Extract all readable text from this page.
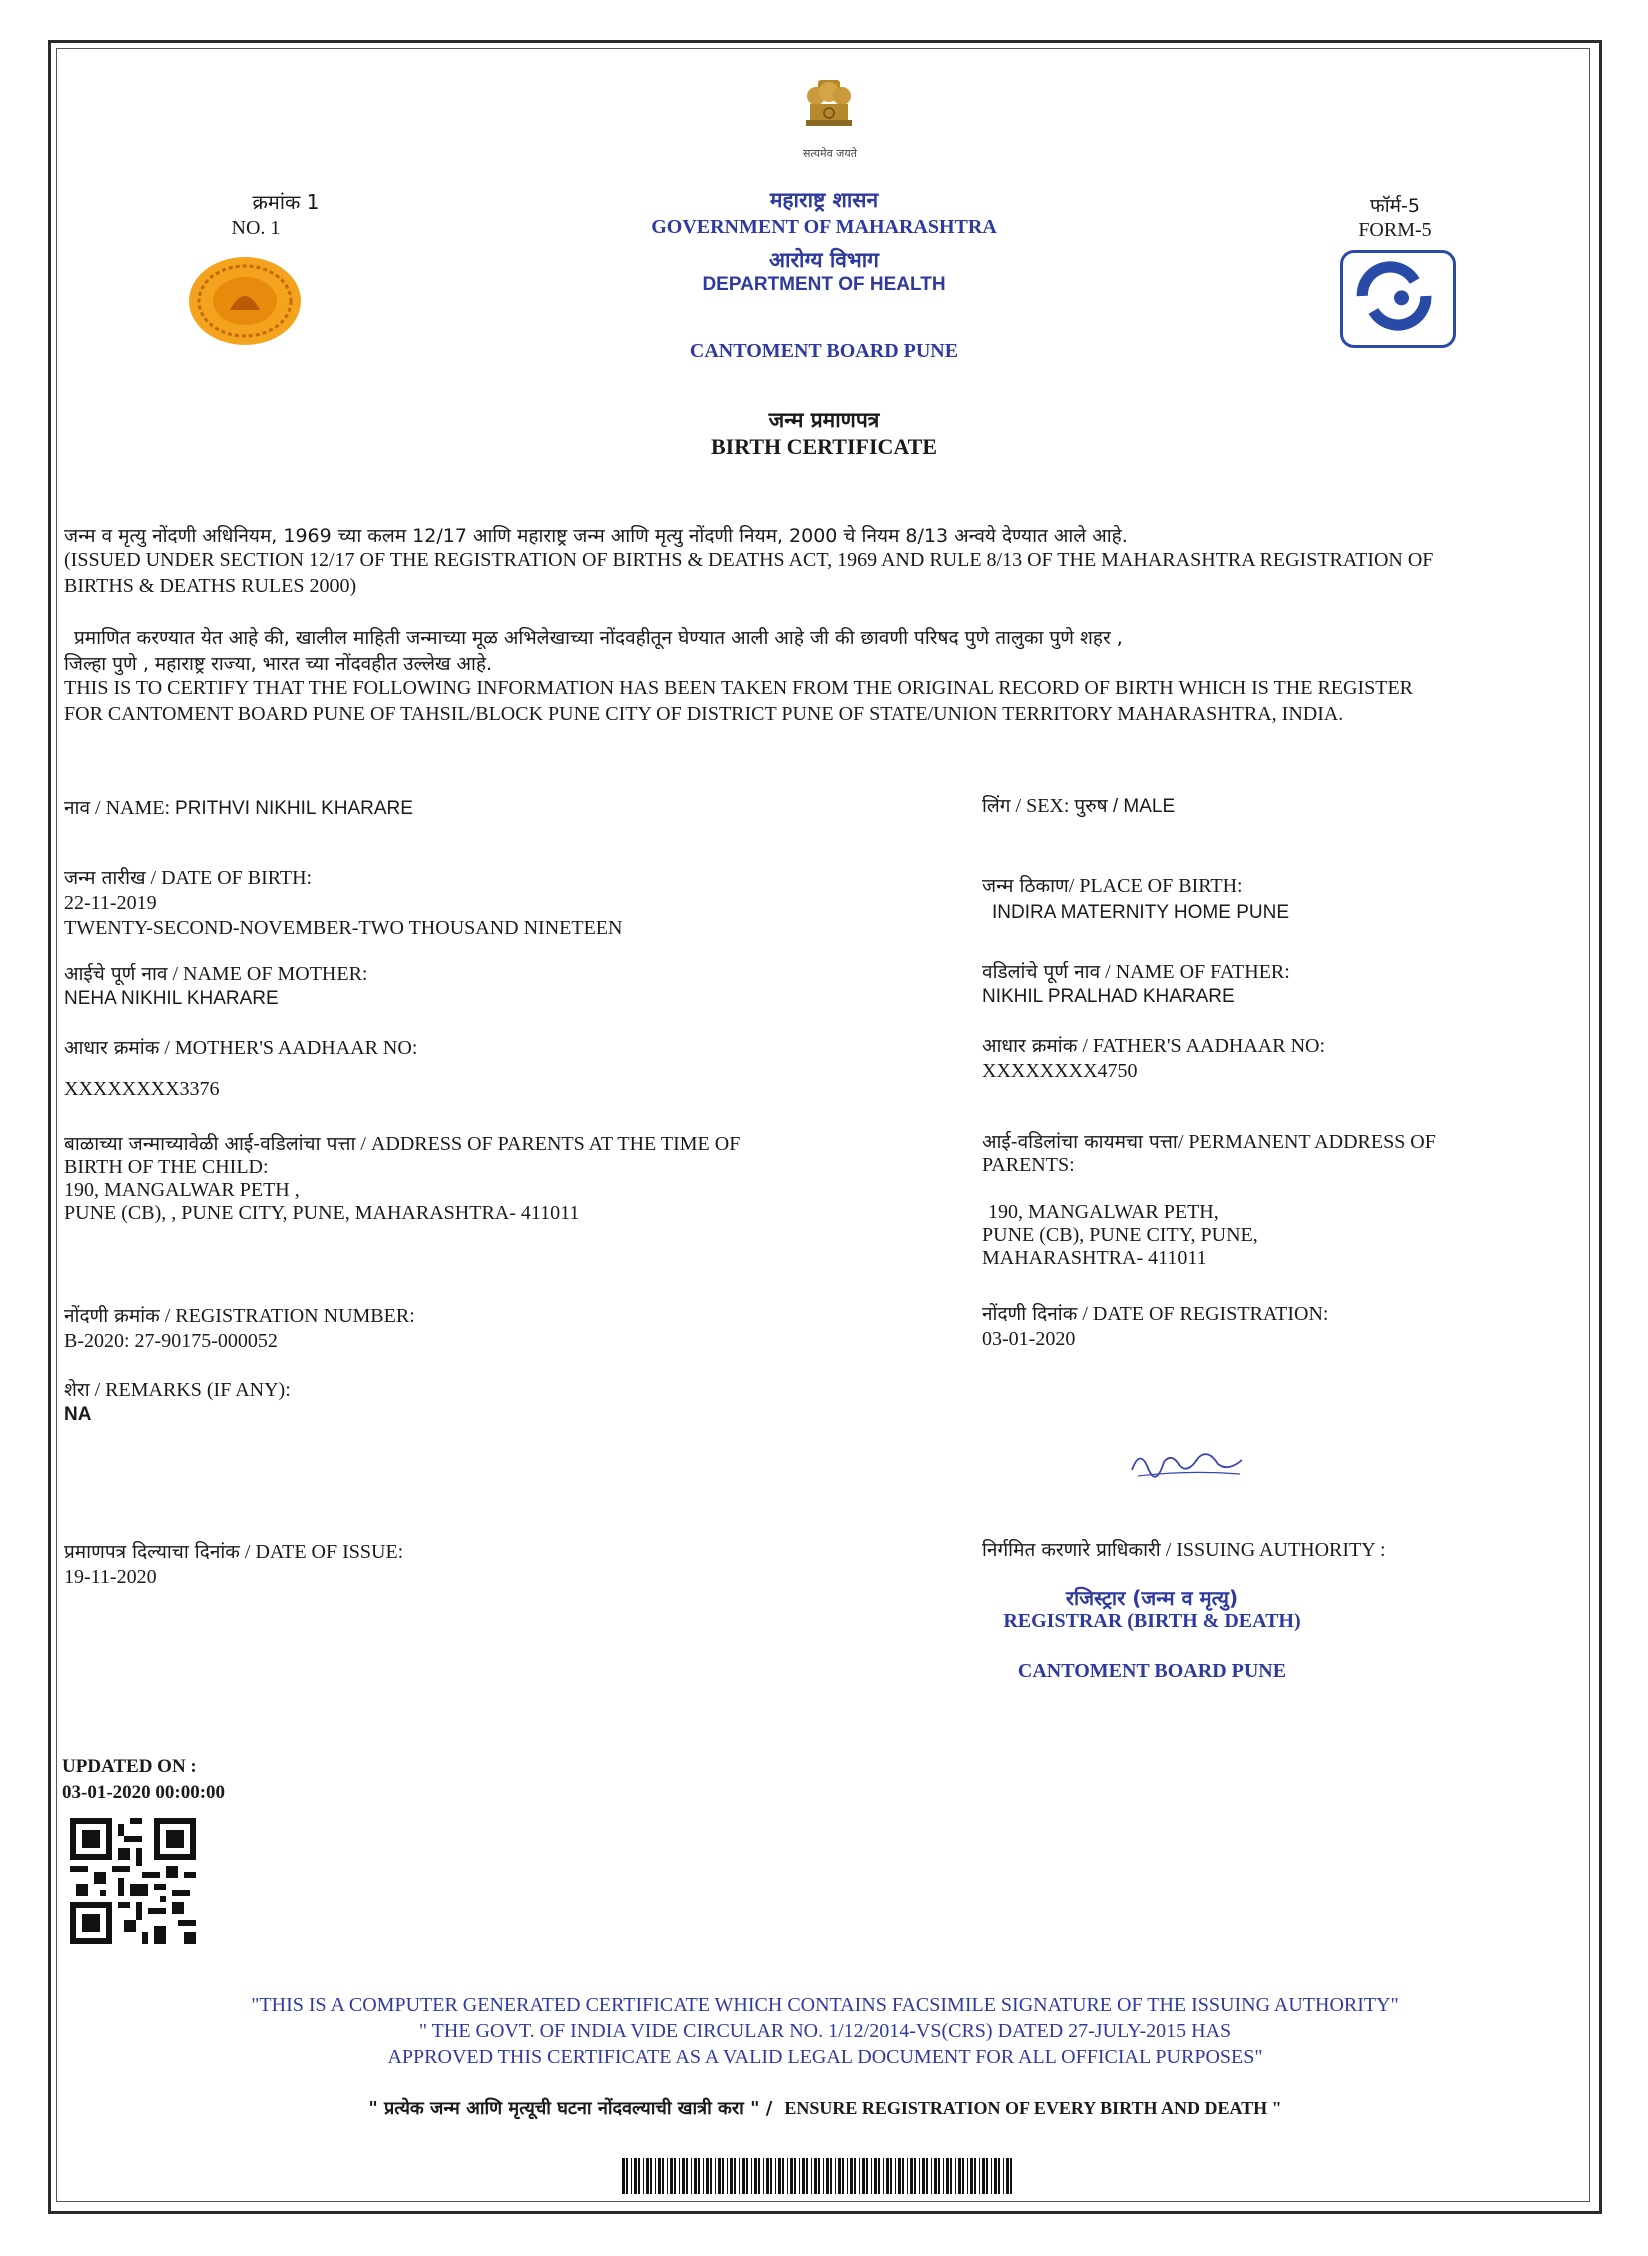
सत्यमेव जयते
क्रमांक 1
NO. 1
महाराष्ट्र शासन
GOVERNMENT OF MAHARASHTRA
आरोग्य विभाग
DEPARTMENT OF HEALTH
CANTOMENT BOARD PUNE
जन्म प्रमाणपत्र
BIRTH CERTIFICATE
फॉर्म-5
FORM-5
जन्म व मृत्यु नोंदणी अधिनियम, 1969 च्या कलम 12/17 आणि महाराष्ट्र जन्म आणि मृत्यु नोंदणी नियम, 2000 चे नियम 8/13 अन्वये देण्यात आले आहे.
(ISSUED UNDER SECTION 12/17 OF THE REGISTRATION OF BIRTHS & DEATHS ACT, 1969 AND RULE 8/13 OF THE MAHARASHTRA REGISTRATION OF
BIRTHS & DEATHS RULES 2000)
प्रमाणित करण्यात येत आहे की, खालील माहिती जन्माच्या मूळ अभिलेखाच्या नोंदवहीतून घेण्यात आली आहे जी की छावणी परिषद पुणे तालुका पुणे शहर ,
जिल्हा पुणे , महाराष्ट्र राज्या, भारत च्या नोंदवहीत उल्लेख आहे.
THIS IS TO CERTIFY THAT THE FOLLOWING INFORMATION HAS BEEN TAKEN FROM THE ORIGINAL RECORD OF BIRTH WHICH IS THE REGISTER
FOR CANTOMENT BOARD PUNE OF TAHSIL/BLOCK PUNE CITY OF DISTRICT PUNE OF STATE/UNION TERRITORY MAHARASHTRA, INDIA.
नाव / NAME: PRITHVI NIKHIL KHARARE	लिंग / SEX: पुरुष / MALE
जन्म तारीख / DATE OF BIRTH:
22-11-2019
TWENTY-SECOND-NOVEMBER-TWO THOUSAND NINETEEN
जन्म ठिकाण/ PLACE OF BIRTH:
INDIRA MATERNITY HOME PUNE
आईचे पूर्ण नाव / NAME OF MOTHER:
NEHA NIKHIL KHARARE
वडिलांचे पूर्ण नाव / NAME OF FATHER:
NIKHIL PRALHAD KHARARE
आधार क्रमांक / MOTHER'S AADHAAR NO:
XXXXXXXX3376
आधार क्रमांक / FATHER'S AADHAAR NO:
XXXXXXXX4750
बाळाच्या जन्माच्यावेळी आई-वडिलांचा पत्ता / ADDRESS OF PARENTS AT THE TIME OF
BIRTH OF THE CHILD:
190, MANGALWAR PETH ,
PUNE (CB), , PUNE CITY, PUNE, MAHARASHTRA- 411011
आई-वडिलांचा कायमचा पत्ता/ PERMANENT ADDRESS OF
PARENTS:
190, MANGALWAR PETH,
PUNE (CB), PUNE CITY, PUNE,
MAHARASHTRA- 411011
नोंदणी क्रमांक / REGISTRATION NUMBER:
B-2020: 27-90175-000052
नोंदणी दिनांक / DATE OF REGISTRATION:
03-01-2020
शेरा / REMARKS (IF ANY):
NA
प्रमाणपत्र दिल्याचा दिनांक / DATE OF ISSUE:
19-11-2020
निर्गमित करणारे प्राधिकारी / ISSUING AUTHORITY :
रजिस्ट्रार (जन्म व मृत्यु)
REGISTRAR (BIRTH & DEATH)
CANTOMENT BOARD PUNE
UPDATED ON :
03-01-2020 00:00:00
"THIS IS A COMPUTER GENERATED CERTIFICATE WHICH CONTAINS FACSIMILE SIGNATURE OF THE ISSUING AUTHORITY"
" THE GOVT. OF INDIA VIDE CIRCULAR NO. 1/12/2014-VS(CRS) DATED 27-JULY-2015 HAS
APPROVED THIS CERTIFICATE AS A VALID LEGAL DOCUMENT FOR ALL OFFICIAL PURPOSES"
" प्रत्येक जन्म आणि मृत्यूची घटना नोंदवल्याची खात्री करा " / ENSURE REGISTRATION OF EVERY BIRTH AND DEATH "
